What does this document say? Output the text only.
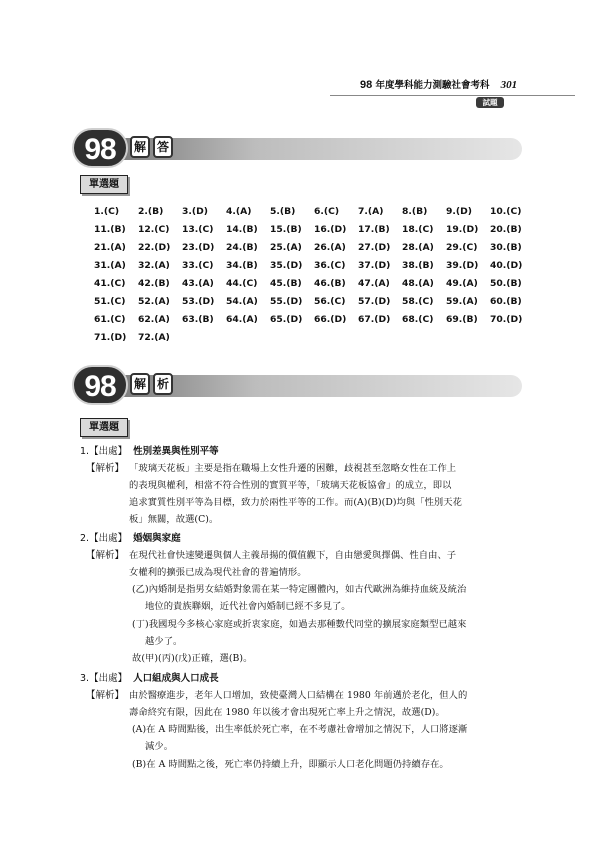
98 年度學科能力測驗社會考科 301
試題
98	解 答
單選題
1.(C)	2.(B)	3.(D)	4.(A)	5.(B)	6.(C)	7.(A)	8.(B)	9.(D)	10.(C)
11.(B)	12.(C)	13.(C)	14.(B)	15.(B)	16.(D)	17.(B)	18.(C)	19.(D)	20.(B)
21.(A)	22.(D)	23.(D)	24.(B)	25.(A)	26.(A)	27.(D)	28.(A)	29.(C)	30.(B)
31.(A)	32.(A)	33.(C)	34.(B)	35.(D)	36.(C)	37.(D)	38.(B)	39.(D)	40.(D)
41.(C)	42.(B)	43.(A)	44.(C)	45.(B)	46.(B)	47.(A)	48.(A)	49.(A)	50.(B)
51.(C)	52.(A)	53.(D)	54.(A)	55.(D)	56.(C)	57.(D)	58.(C)	59.(A)	60.(B)
61.(C)	62.(A)	63.(B)	64.(A)	65.(D)	66.(D)	67.(D)	68.(C)	69.(B)	70.(D)
71.(D)	72.(A)
98	解 析
單選題
1.【出處】 性別差異與性別平等
【解析】 「玻璃天花板」主要是指在職場上女性升遷的困難，歧視甚至忽略女性在工作上
的表現與權利，相當不符合性別的實質平等，「玻璃天花板協會」的成立，即以
追求實質性別平等為目標，致力於兩性平等的工作。而(A)(B)(D)均與「性別天花
板」無關，故選(C)。
2.【出處】 婚姻與家庭
【解析】 在現代社會快速變遷與個人主義昂揚的價值觀下，自由戀愛與擇偶、性自由、子
女權利的擴張已成為現代社會的普遍情形。
(乙)內婚制是指男女結婚對象需在某一特定團體內，如古代歐洲為維持血統及統治
地位的貴族聯姻，近代社會內婚制已經不多見了。
(丁)我國現今多核心家庭或折衷家庭，如過去那種數代同堂的擴展家庭類型已越來
越少了。
故(甲)(丙)(戊)正確，選(B)。
3.【出處】 人口組成與人口成長
【解析】 由於醫療進步，老年人口增加，致使臺灣人口結構在 1980 年前邁於老化，但人的
壽命終究有限，因此在 1980 年以後才會出現死亡率上升之情況，故選(D)。
(A)在 A 時間點後，出生率低於死亡率，在不考慮社會增加之情況下，人口將逐漸
減少。
(B)在 A 時間點之後，死亡率仍持續上升，即顯示人口老化問題仍持續存在。
